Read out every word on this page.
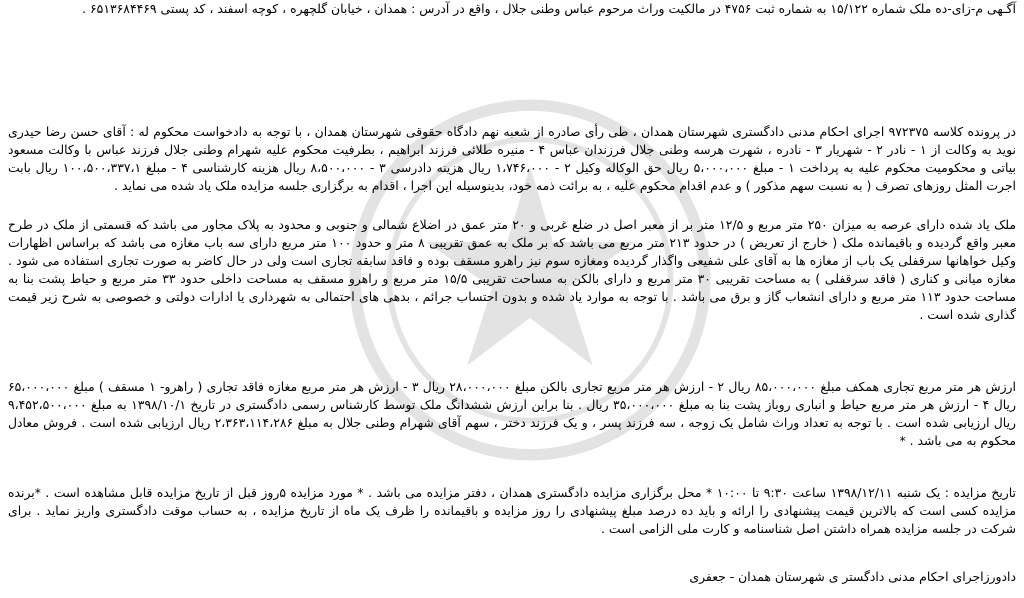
آگـهی م-زای-ده ملک شماره ۱۵/۱۲۲ به شماره ثبت ۴۷۵۶ در مالکیت وراث مرحوم عباس وطنی جلال ، واقع در آدرس : همدان ، خیابان گلچهره ، کوچه اسفند ، کد پستی ۶۵۱۳۶۸۴۴۶۹ .

در پرونده کلاسه ۹۷۲۳۷۵ اجرای احکام مدنی دادگستری شهرستان همدان ، طی رأی صادره از شعبه نهم دادگاه حقوقی شهرستان همدان ، با توجه به دادخواست محکوم له : آقای حسن رضا حیدری نوید به وکالت از ۱ - نادر ۲ - شهریار ۳ - نادره ، شهرت هرسه وطنی جلال فرزندان عباس ۴ - منیره طلائی فرزند ابراهیم ، بطرفیت محکوم علیه شهرام وطنی جلال فرزند عباس با وکالت مسعود بیاتی و محکومیت محکوم علیه به پرداخت ۱ - مبلغ ۵،۰۰۰،۰۰۰ ریال حق الوکاله وکیل ۲ - ۱،۷۴۶،۰۰۰ ریال هزینه دادرسی ۳ - ۸،۵۰۰،۰۰۰ ریال هزینه کارشناسی ۴ - مبلغ ۱۰۰،۵۰۰،۳۳۷،۱ ریال بابت اجرت المثل روزهای تصرف ( به نسبت سهم مذکور ) و عدم اقدام محکوم علیه ، به برائت ذمه خود، بدینوسیله این اجرا ، اقدام به برگزاری جلسه مزایده ملک یاد شده می نماید .

ملک یاد شده دارای عرصه به میزان ۲۵۰ متر مربع و ۱۲/۵ متر بر از معبر اصل در ضلع غربی و ۲۰ متر عمق در اضلاع شمالی و جنوبی و محدود به پلاک مجاور می باشد که قسمتی از ملک در طرح معبر واقع گردیده و باقیمانده ملک ( خارج از تعریض ) در حدود ۲۱۳ متر مربع می باشد که بر ملک به عمق تقریبی ۸ متر و حدود ۱۰۰ متر مربع دارای سه باب مغازه می باشد که براساس اظهارات وکیل خواهانها سرقفلی یک باب از مغازه ها به آقای علی شفیعی واگذار گردیده ومغازه سوم نیز راهرو مسقف بوده و فاقد سابقه تجاری است ولی در حال کاضر به صورت تجاری استفاده می شود . مغازه میانی و کناری ( فاقد سرقفلی ) به مساحت تقریبی ۳۰ متر مربع و دارای بالکن به مساحت تقریبی ۱۵/۵ متر مربع و راهرو مسقف به مساحت داخلی حدود ۳۳ متر مربع و حیاط پشت بنا به مساحت حدود ۱۱۳ متر مربع و دارای انشعاب گاز و برق می باشد . با توجه به موارد یاد شده و بدون احتساب جرائم ، بدهی های احتمالی به شهرداری یا ادارات دولتی و خصوصی به شرح زیر قیمت گذاری شده است .

ارزش هر متر مربع تجاری همکف مبلغ ۸۵،۰۰۰،۰۰۰ ریال ۲ - ارزش هر متر مربع تجاری بالکن مبلغ ۲۸،۰۰۰،۰۰۰ ریال ۳ - ارزش هر متر مربع مغازه فاقد تجاری ( راهرو- ۱ مسقف ) مبلغ ۶۵،۰۰۰،۰۰۰ ریال ۴ - ارزش هر متر مربع حیاط و انباری روباز پشت بنا به مبلغ ۳۵،۰۰۰،۰۰۰ ریال . بنا براین ارزش ششدانگ ملک توسط کارشناس رسمی دادگستری در تاریخ ۱۳۹۸/۱۰/۱ به مبلغ ۹،۴۵۲،۵۰۰،۰۰۰ ریال ارزیابی شده است . با توجه به تعداد وراث شامل یک زوجه ، سه فرزند پسر ، و یک فرزند دختر ، سهم آقای شهرام وطنی جلال به مبلغ ۲،۳۶۳،۱۱۴،۲۸۶ ریال ارزیابی شده است . فروش معادل محکوم به می باشد . *

تاریخ مزایده : یک شنبه ۱۳۹۸/۱۲/۱۱ ساعت ۹:۳۰ تا ۱۰:۰۰ * محل برگزاری مزایده دادگستری همدان ، دفتر مزایده می باشد . * مورد مزایده ۵روز قبل از تاریخ مزایده قابل مشاهده است . *برنده مزایده کسی است که بالاترین قیمت پیشنهادی را ارائه و باید ده درصد مبلغ پیشنهادی را روز مزایده و باقیمانده را ظرف یک ماه از تاریخ مزایده ، به حساب موقت دادگستری واریز نماید . برای شرکت در جلسه مزایده همراه داشتن اصل شناسنامه و کارت ملی الزامی است .

دادورزاجرای احکام مدنی دادگستر ی شهرستان همدان - جعفری
